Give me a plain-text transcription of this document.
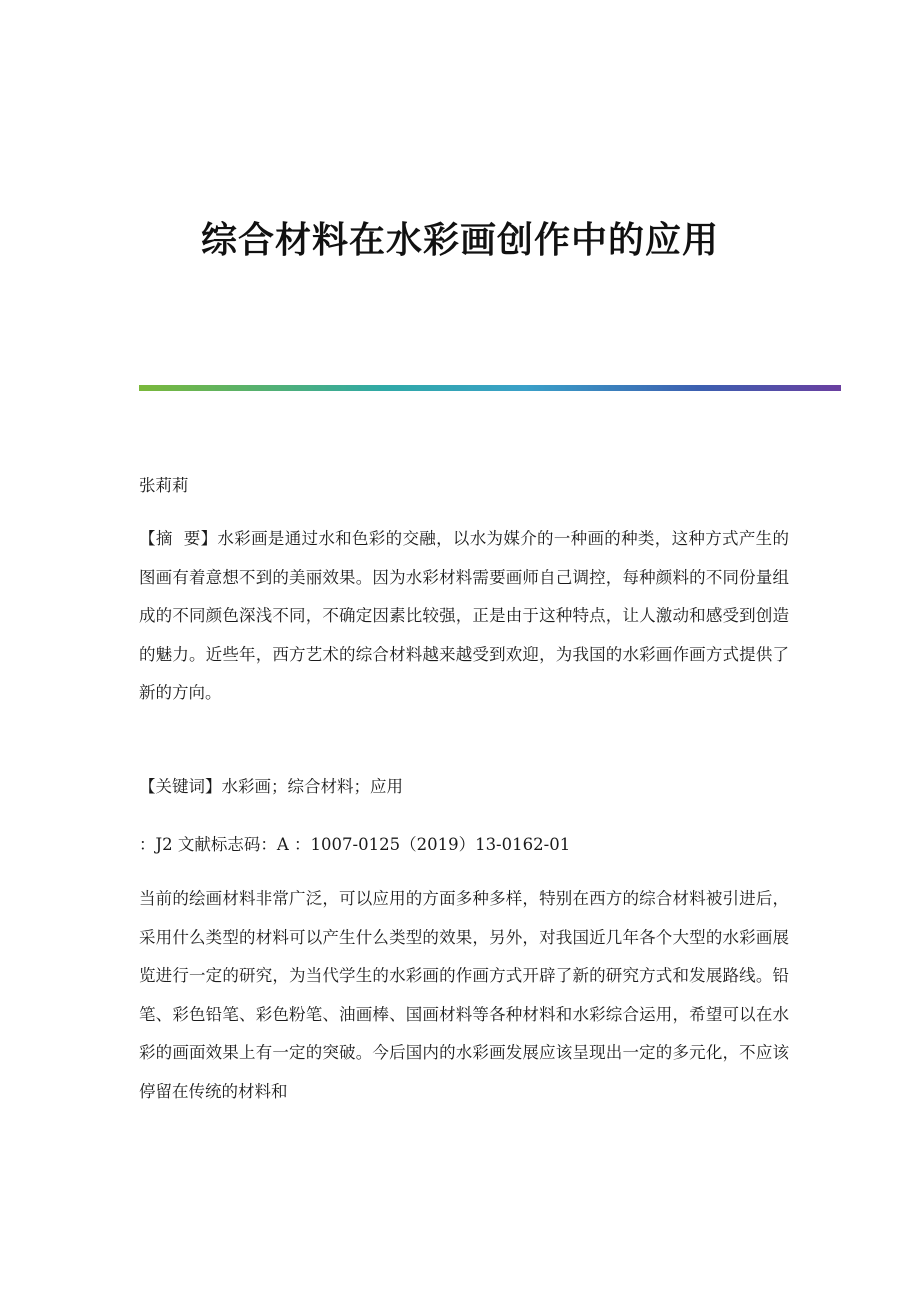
综合材料在水彩画创作中的应用
张莉莉

【摘  要】水彩画是通过水和色彩的交融，以水为媒介的一种画的种类，这种方式产生的图画有着意想不到的美丽效果。因为水彩材料需要画师自己调控，每种颜料的不同份量组成的不同颜色深浅不同，不确定因素比较强，正是由于这种特点，让人激动和感受到创造的魅力。近些年，西方艺术的综合材料越来越受到欢迎，为我国的水彩画作画方式提供了新的方向。

【关键词】水彩画；综合材料；应用

：J2 文献标志码：A ：1007-0125（2019）13-0162-01

当前的绘画材料非常广泛，可以应用的方面多种多样，特别在西方的综合材料被引进后，采用什么类型的材料可以产生什么类型的效果，另外，对我国近几年各个大型的水彩画展览进行一定的研究，为当代学生的水彩画的作画方式开辟了新的研究方式和发展路线。铅笔、彩色铅笔、彩色粉笔、油画棒、国画材料等各种材料和水彩综合运用，希望可以在水彩的画面效果上有一定的突破。今后国内的水彩画发展应该呈现出一定的多元化，不应该停留在传统的材料和
